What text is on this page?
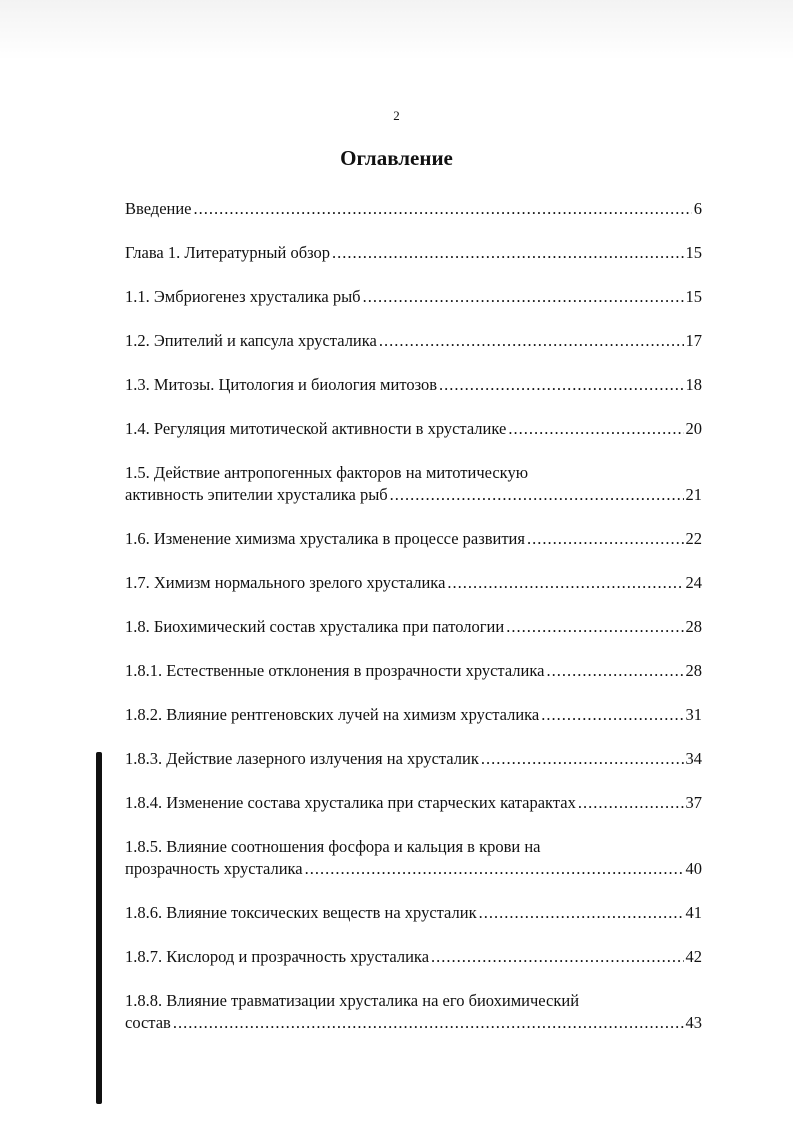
2
Оглавление
Введение .....	6
Глава 1. Литературный обзор .....	15
1.1. Эмбриогенез хрусталика рыб .....	15
1.2. Эпителий и капсула хрусталика .....	17
1.3. Митозы. Цитология и биология митозов .....	18
1.4. Регуляция митотической активности в хрусталике .....	20
1.5. Действие антропогенных факторов на митотическую
активность эпителии хрусталика рыб .....	21
1.6. Изменение химизма хрусталика в процессе развития .....	22
1.7. Химизм нормального зрелого хрусталика .....	24
1.8. Биохимический состав хрусталика при патологии .....	28
1.8.1. Естественные отклонения в прозрачности хрусталика .....	28
1.8.2. Влияние рентгеновских лучей на химизм хрусталика .....	31
1.8.3. Действие лазерного излучения на хрусталик .....	34
1.8.4. Изменение состава хрусталика при старческих катарактах .....	37
1.8.5. Влияние соотношения фосфора и кальция в крови на
прозрачность хрусталика .....	40
1.8.6. Влияние токсических веществ на хрусталик .....	41
1.8.7. Кислород и прозрачность хрусталика .....	42
1.8.8. Влияние травматизации хрусталика на его биохимический
состав .....	43
